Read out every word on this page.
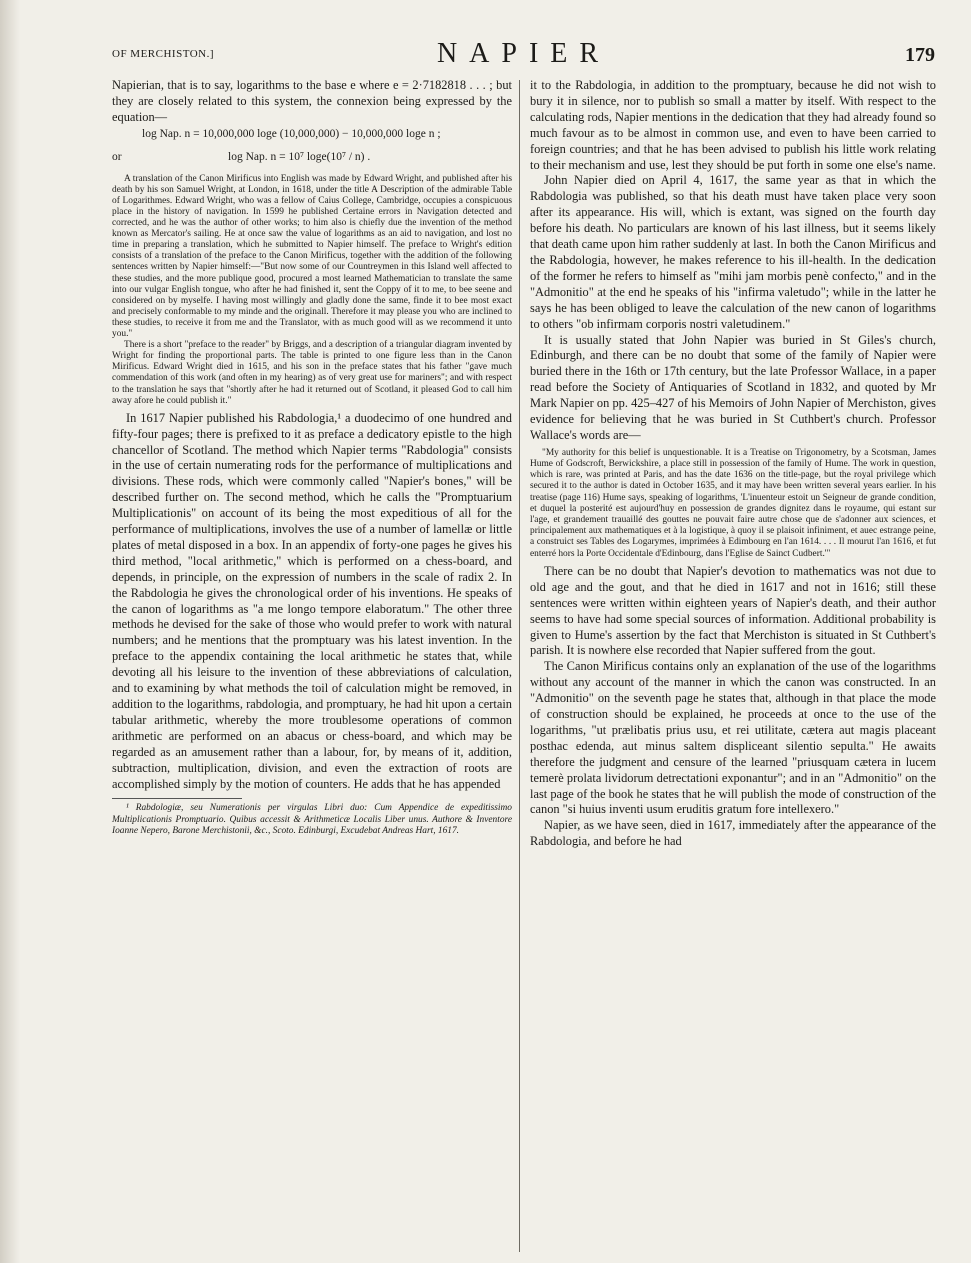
OF MERCHISTON.]	NAPIER	179

Napierian, that is to say, logarithms to the base e where e = 2·7182818 . . . ; but they are closely related to this system, the connexion being expressed by the equation—

log Nap. n = 10,000,000 loge (10,000,000) − 10,000,000 loge n ;
or	log Nap. n = 10⁷ loge(10⁷ / n) .

A translation of the Canon Mirificus into English was made by Edward Wright, and published after his death by his son Samuel Wright, at London, in 1618, under the title A Description of the admirable Table of Logarithmes. Edward Wright, who was a fellow of Caius College, Cambridge, occupies a conspicuous place in the history of navigation. In 1599 he published Certaine errors in Navigation detected and corrected, and he was the author of other works; to him also is chiefly due the invention of the method known as Mercator's sailing. He at once saw the value of logarithms as an aid to navigation, and lost no time in preparing a translation, which he submitted to Napier himself. The preface to Wright's edition consists of a translation of the preface to the Canon Mirificus, together with the addition of the following sentences written by Napier himself:—"But now some of our Countreymen in this Island well affected to these studies, and the more publique good, procured a most learned Mathematician to translate the same into our vulgar English tongue, who after he had finished it, sent the Coppy of it to me, to bee seene and considered on by myselfe. I having most willingly and gladly done the same, finde it to bee most exact and precisely conformable to my minde and the originall. Therefore it may please you who are inclined to these studies, to receive it from me and the Translator, with as much good will as we recommend it unto you."

There is a short "preface to the reader" by Briggs, and a description of a triangular diagram invented by Wright for finding the proportional parts. The table is printed to one figure less than in the Canon Mirificus. Edward Wright died in 1615, and his son in the preface states that his father "gave much commendation of this work (and often in my hearing) as of very great use for mariners"; and with respect to the translation he says that "shortly after he had it returned out of Scotland, it pleased God to call him away afore he could publish it."

In 1617 Napier published his Rabdologia,¹ a duodecimo of one hundred and fifty-four pages; there is prefixed to it as preface a dedicatory epistle to the high chancellor of Scotland. The method which Napier terms "Rabdologia" consists in the use of certain numerating rods for the performance of multiplications and divisions. These rods, which were commonly called "Napier's bones," will be described further on. The second method, which he calls the "Promptuarium Multiplicationis" on account of its being the most expeditious of all for the performance of multiplications, involves the use of a number of lamellæ or little plates of metal disposed in a box. In an appendix of forty-one pages he gives his third method, "local arithmetic," which is performed on a chess-board, and depends, in principle, on the expression of numbers in the scale of radix 2. In the Rabdologia he gives the chronological order of his inventions. He speaks of the canon of logarithms as "a me longo tempore elaboratum." The other three methods he devised for the sake of those who would prefer to work with natural numbers; and he mentions that the promptuary was his latest invention. In the preface to the appendix containing the local arithmetic he states that, while devoting all his leisure to the invention of these abbreviations of calculation, and to examining by what methods the toil of calculation might be removed, in addition to the logarithms, rabdologia, and promptuary, he had hit upon a certain tabular arithmetic, whereby the more troublesome operations of common arithmetic are performed on an abacus or chess-board, and which may be regarded as an amusement rather than a labour, for, by means of it, addition, subtraction, multiplication, division, and even the extraction of roots are accomplished simply by the motion of counters. He adds that he has appended

¹ Rabdologiæ, seu Numerationis per virgulas Libri duo: Cum Appendice de expeditissimo Multiplicationis Promptuario. Quibus accessit & Arithmeticæ Localis Liber unus. Authore & Inventore Ioanne Nepero, Barone Merchistonii, &c., Scoto. Edinburgi, Excudebat Andreas Hart, 1617.

it to the Rabdologia, in addition to the promptuary, because he did not wish to bury it in silence, nor to publish so small a matter by itself. With respect to the calculating rods, Napier mentions in the dedication that they had already found so much favour as to be almost in common use, and even to have been carried to foreign countries; and that he has been advised to publish his little work relating to their mechanism and use, lest they should be put forth in some one else's name.

John Napier died on April 4, 1617, the same year as that in which the Rabdologia was published, so that his death must have taken place very soon after its appearance. His will, which is extant, was signed on the fourth day before his death. No particulars are known of his last illness, but it seems likely that death came upon him rather suddenly at last. In both the Canon Mirificus and the Rabdologia, however, he makes reference to his ill-health. In the dedication of the former he refers to himself as "mihi jam morbis penè confecto," and in the "Admonitio" at the end he speaks of his "infirma valetudo"; while in the latter he says he has been obliged to leave the calculation of the new canon of logarithms to others "ob infirmam corporis nostri valetudinem."

It is usually stated that John Napier was buried in St Giles's church, Edinburgh, and there can be no doubt that some of the family of Napier were buried there in the 16th or 17th century, but the late Professor Wallace, in a paper read before the Society of Antiquaries of Scotland in 1832, and quoted by Mr Mark Napier on pp. 425–427 of his Memoirs of John Napier of Merchiston, gives evidence for believing that he was buried in St Cuthbert's church. Professor Wallace's words are—

"My authority for this belief is unquestionable. It is a Treatise on Trigonometry, by a Scotsman, James Hume of Godscroft, Berwickshire, a place still in possession of the family of Hume. The work in question, which is rare, was printed at Paris, and has the date 1636 on the title-page, but the royal privilege which secured it to the author is dated in October 1635, and it may have been written several years earlier. In his treatise (page 116) Hume says, speaking of logarithms, 'L'inuenteur estoit un Seigneur de grande condition, et duquel la posterité est aujourd'huy en possession de grandes dignitez dans le royaume, qui estant sur l'age, et grandement trauaillé des gouttes ne pouvait faire autre chose que de s'adonner aux sciences, et principalement aux mathematiques et à la logistique, à quoy il se plaisoit infiniment, et auec estrange peine, a construict ses Tables des Logarymes, imprimées à Edimbourg en l'an 1614. . . . Il mourut l'an 1616, et fut enterré hors la Porte Occidentale d'Edinbourg, dans l'Eglise de Sainct Cudbert.'"

There can be no doubt that Napier's devotion to mathematics was not due to old age and the gout, and that he died in 1617 and not in 1616; still these sentences were written within eighteen years of Napier's death, and their author seems to have had some special sources of information. Additional probability is given to Hume's assertion by the fact that Merchiston is situated in St Cuthbert's parish. It is nowhere else recorded that Napier suffered from the gout.

The Canon Mirificus contains only an explanation of the use of the logarithms without any account of the manner in which the canon was constructed. In an "Admonitio" on the seventh page he states that, although in that place the mode of construction should be explained, he proceeds at once to the use of the logarithms, "ut prælibatis prius usu, et rei utilitate, cætera aut magis placeant posthac edenda, aut minus saltem displiceant silentio sepulta." He awaits therefore the judgment and censure of the learned "priusquam cætera in lucem temerè prolata lividorum detrectationi exponantur"; and in an "Admonitio" on the last page of the book he states that he will publish the mode of construction of the canon "si huius inventi usum eruditis gratum fore intellexero."

Napier, as we have seen, died in 1617, immediately after the appearance of the Rabdologia, and before he had
